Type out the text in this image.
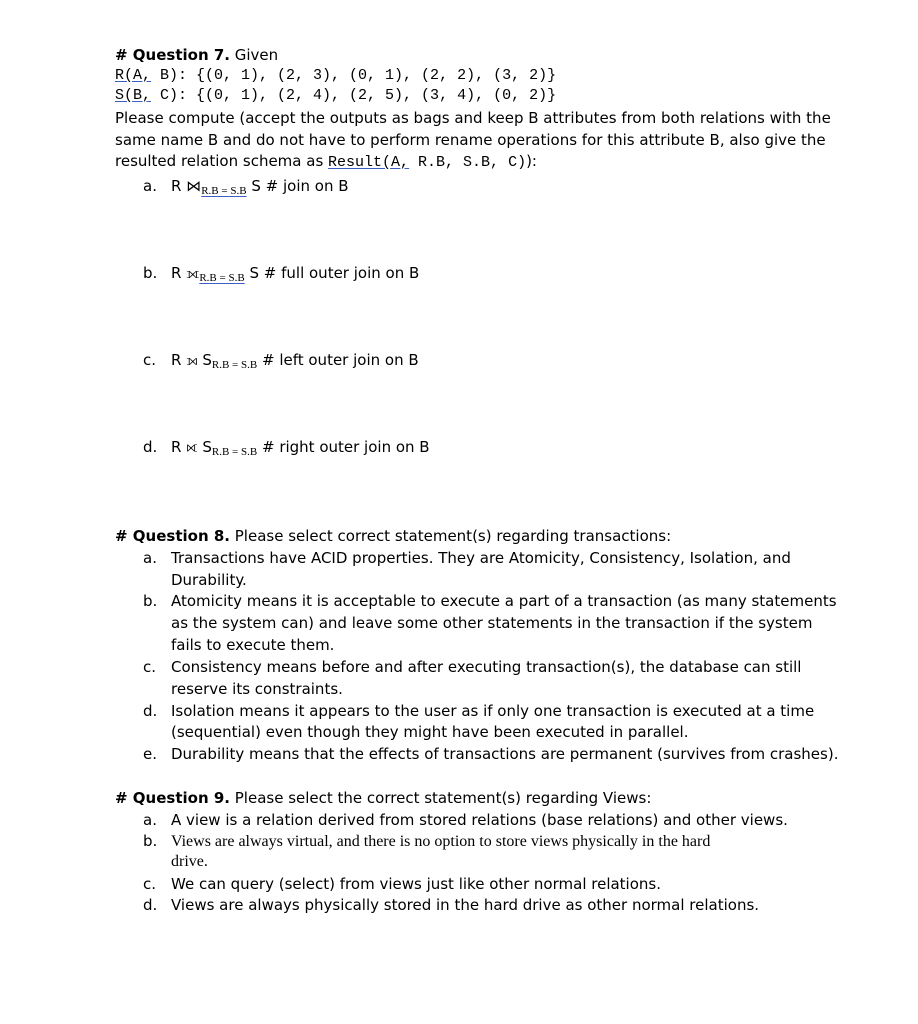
# Question 7. Given
R(A, B): {(0, 1), (2, 3), (0, 1), (2, 2), (3, 2)}
S(B, C): {(0, 1), (2, 4), (2, 5), (3, 4), (0, 2)}
Please compute (accept the outputs as bags and keep B attributes from both relations with the
same name B and do not have to perform rename operations for this attribute B, also give the
resulted relation schema as Result(A, R.B, S.B, C)):
a. R $⋈_{R.B = S.B}$ S # join on B
b. R $⟗_{R.B = S.B}$ S # full outer join on B
c. R ⟕ $S_{R.B = S.B}$ # left outer join on B
d. R ⟖ $S_{R.B = S.B}$ # right outer join on B
# Question 8. Please select correct statement(s) regarding transactions:
a. Transactions have ACID properties. They are Atomicity, Consistency, Isolation, and
Durability.
b. Atomicity means it is acceptable to execute a part of a transaction (as many statements
as the system can) and leave some other statements in the transaction if the system
fails to execute them.
c. Consistency means before and after executing transaction(s), the database can still
reserve its constraints.
d. Isolation means it appears to the user as if only one transaction is executed at a time
(sequential) even though they might have been executed in parallel.
e. Durability means that the effects of transactions are permanent (survives from crashes).
# Question 9. Please select the correct statement(s) regarding Views:
a. A view is a relation derived from stored relations (base relations) and other views.
b. Views are always virtual, and there is no option to store views physically in the hard
drive.
c. We can query (select) from views just like other normal relations.
d. Views are always physically stored in the hard drive as other normal relations.
